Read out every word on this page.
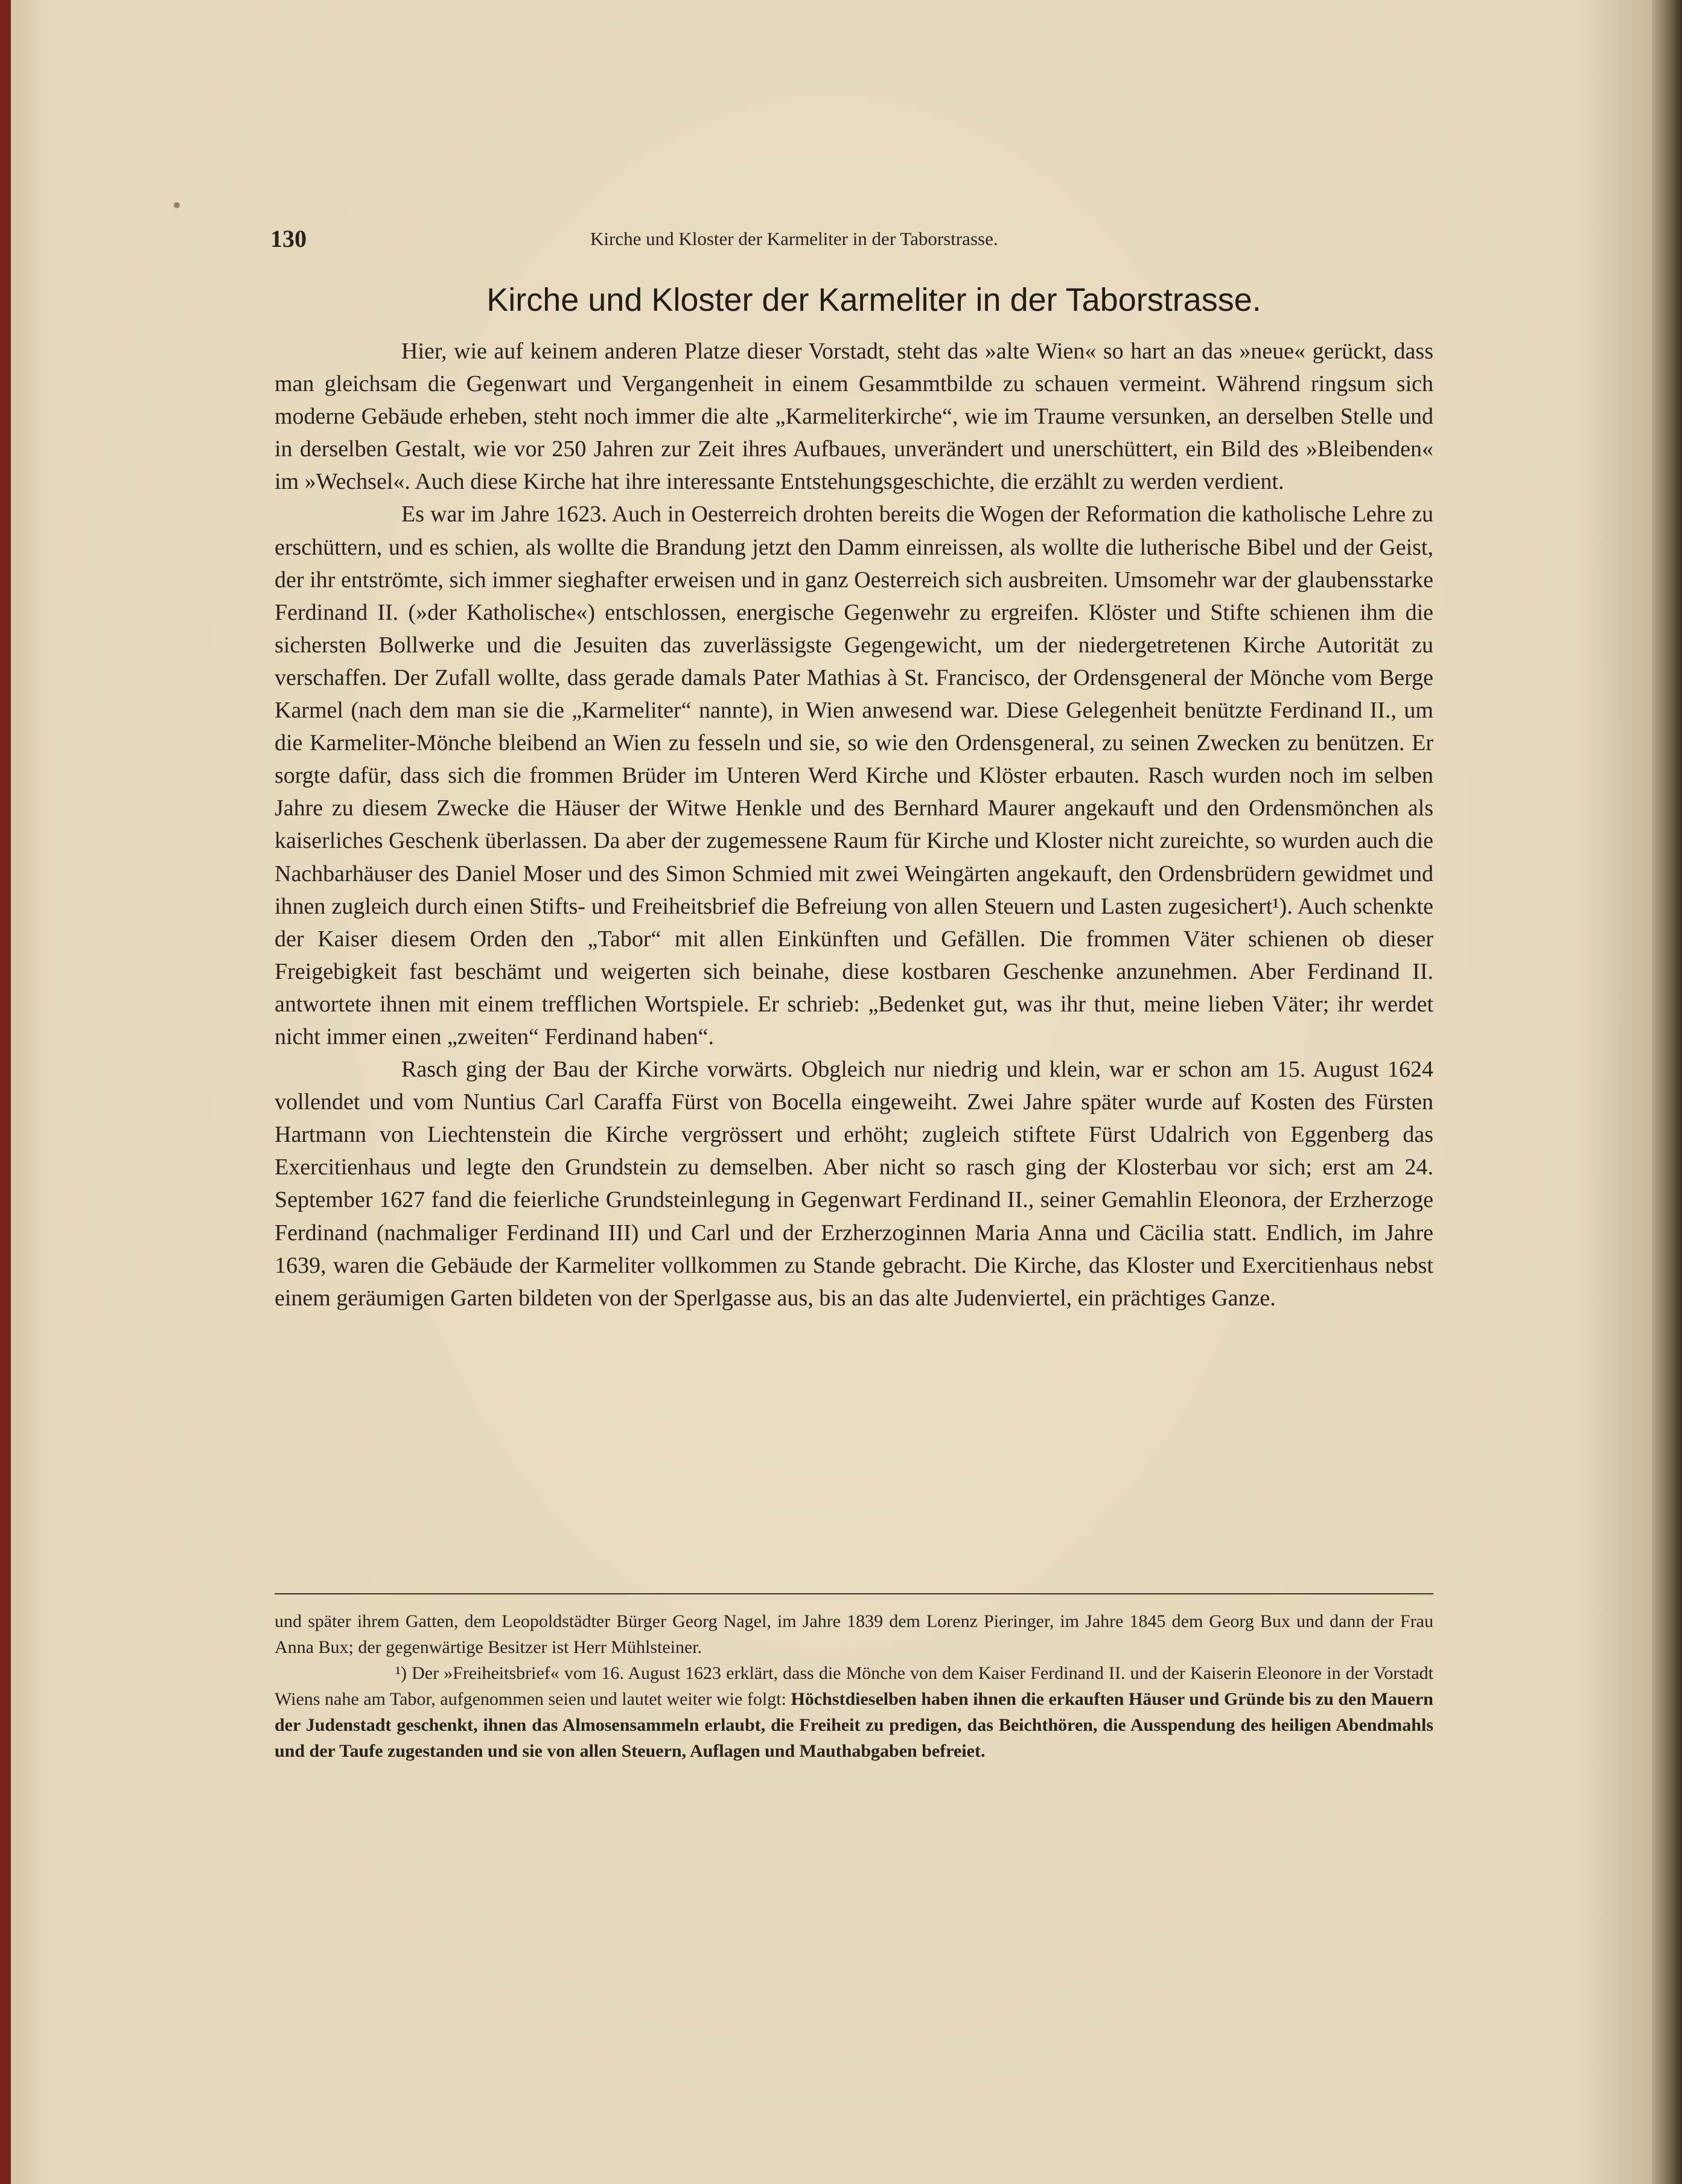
130	Kirche und Kloster der Karmeliter in der Taborstrasse.
Kirche und Kloster der Karmeliter in der Taborstrasse.

Hier, wie auf keinem anderen Platze dieser Vorstadt, steht das »alte Wien« so hart an das »neue« gerückt, dass man gleichsam die Gegenwart und Vergangenheit in einem Gesammtbilde zu schauen vermeint. Während ringsum sich moderne Gebäude erheben, steht noch immer die alte „Karmeliterkirche“, wie im Traume versunken, an derselben Stelle und in derselben Gestalt, wie vor 250 Jahren zur Zeit ihres Aufbaues, unverändert und unerschüttert, ein Bild des »Bleibenden« im »Wechsel«. Auch diese Kirche hat ihre interessante Entstehungsgeschichte, die erzählt zu werden verdient.

Es war im Jahre 1623. Auch in Oesterreich drohten bereits die Wogen der Reformation die katholische Lehre zu erschüttern, und es schien, als wollte die Brandung jetzt den Damm einreissen, als wollte die lutherische Bibel und der Geist, der ihr entströmte, sich immer sieghafter erweisen und in ganz Oesterreich sich ausbreiten. Umsomehr war der glaubensstarke Ferdinand II. (»der Katholische«) entschlossen, energische Gegenwehr zu ergreifen. Klöster und Stifte schienen ihm die sichersten Bollwerke und die Jesuiten das zuverlässigste Gegengewicht, um der niedergetretenen Kirche Autorität zu verschaffen. Der Zufall wollte, dass gerade damals Pater Mathias à St. Francisco, der Ordensgeneral der Mönche vom Berge Karmel (nach dem man sie die „Karmeliter“ nannte), in Wien anwesend war. Diese Gelegenheit benützte Ferdinand II., um die Karmeliter-Mönche bleibend an Wien zu fesseln und sie, so wie den Ordensgeneral, zu seinen Zwecken zu benützen. Er sorgte dafür, dass sich die frommen Brüder im Unteren Werd Kirche und Klöster erbauten. Rasch wurden noch im selben Jahre zu diesem Zwecke die Häuser der Witwe Henkle und des Bernhard Maurer angekauft und den Ordensmönchen als kaiserliches Geschenk überlassen. Da aber der zugemessene Raum für Kirche und Kloster nicht zureichte, so wurden auch die Nachbarhäuser des Daniel Moser und des Simon Schmied mit zwei Weingärten angekauft, den Ordensbrüdern gewidmet und ihnen zugleich durch einen Stifts- und Freiheitsbrief die Befreiung von allen Steuern und Lasten zugesichert¹). Auch schenkte der Kaiser diesem Orden den „Tabor“ mit allen Einkünften und Gefällen. Die frommen Väter schienen ob dieser Freigebigkeit fast beschämt und weigerten sich beinahe, diese kostbaren Geschenke anzunehmen. Aber Ferdinand II. antwortete ihnen mit einem trefflichen Wortspiele. Er schrieb: „Bedenket gut, was ihr thut, meine lieben Väter; ihr werdet nicht immer einen „zweiten“ Ferdinand haben“.

Rasch ging der Bau der Kirche vorwärts. Obgleich nur niedrig und klein, war er schon am 15. August 1624 vollendet und vom Nuntius Carl Caraffa Fürst von Bocella eingeweiht. Zwei Jahre später wurde auf Kosten des Fürsten Hartmann von Liechtenstein die Kirche vergrössert und erhöht; zugleich stiftete Fürst Udalrich von Eggenberg das Exercitienhaus und legte den Grundstein zu demselben. Aber nicht so rasch ging der Klosterbau vor sich; erst am 24. September 1627 fand die feierliche Grundsteinlegung in Gegenwart Ferdinand II., seiner Gemahlin Eleonora, der Erzherzoge Ferdinand (nachmaliger Ferdinand III) und Carl und der Erzherzoginnen Maria Anna und Cäcilia statt. Endlich, im Jahre 1639, waren die Gebäude der Karmeliter vollkommen zu Stande gebracht. Die Kirche, das Kloster und Exercitienhaus nebst einem geräumigen Garten bildeten von der Sperlgasse aus, bis an das alte Judenviertel, ein prächtiges Ganze.

und später ihrem Gatten, dem Leopoldstädter Bürger Georg Nagel, im Jahre 1839 dem Lorenz Pieringer, im Jahre 1845 dem Georg Bux und dann der Frau Anna Bux; der gegenwärtige Besitzer ist Herr Mühlsteiner.

¹) Der »Freiheitsbrief« vom 16. August 1623 erklärt, dass die Mönche von dem Kaiser Ferdinand II. und der Kaiserin Eleonore in der Vorstadt Wiens nahe am Tabor, aufgenommen seien und lautet weiter wie folgt: Höchstdieselben haben ihnen die erkauften Häuser und Gründe bis zu den Mauern der Judenstadt geschenkt, ihnen das Almosensammeln erlaubt, die Freiheit zu predigen, das Beichthören, die Ausspendung des heiligen Abendmahls und der Taufe zugestanden und sie von allen Steuern, Auflagen und Mauthabgaben befreiet.
